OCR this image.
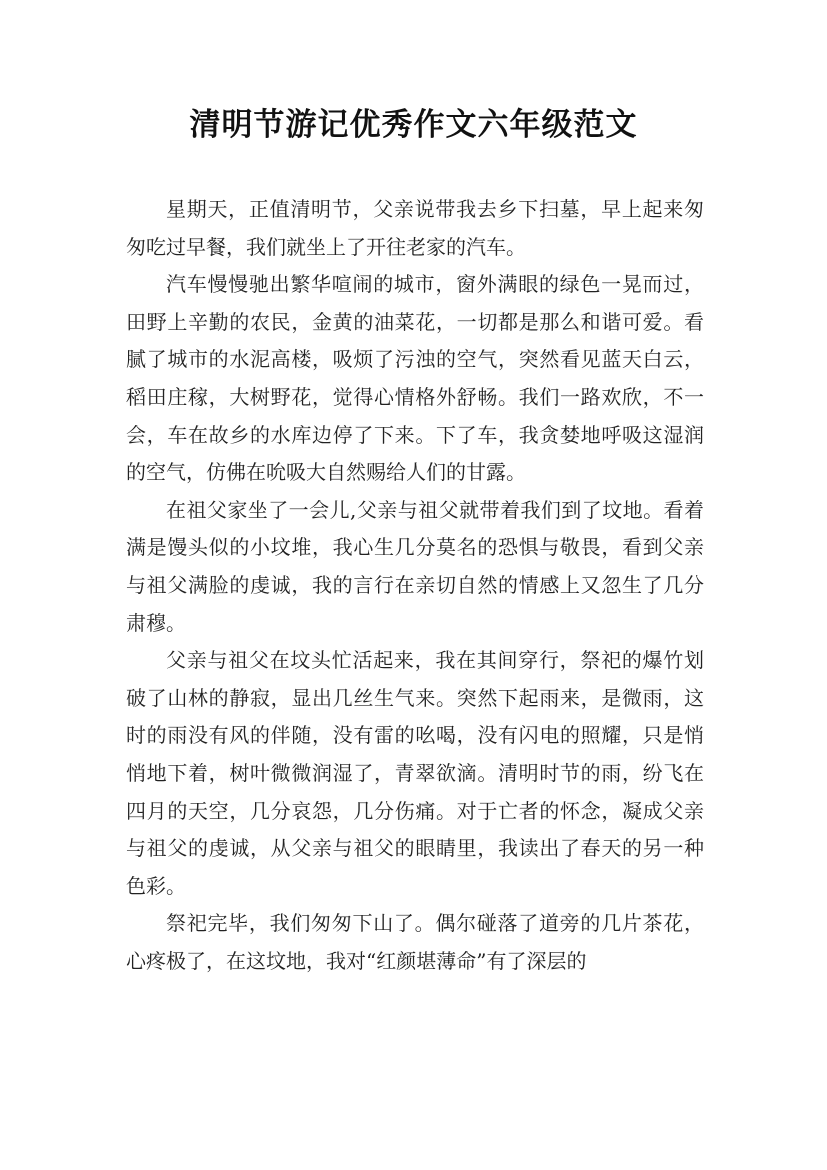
清明节游记优秀作文六年级范文

星期天，正值清明节，父亲说带我去乡下扫墓，早上起来匆匆吃过早餐，我们就坐上了开往老家的汽车。

汽车慢慢驰出繁华喧闹的城市，窗外满眼的绿色一晃而过，田野上辛勤的农民，金黄的油菜花，一切都是那么和谐可爱。看腻了城市的水泥高楼，吸烦了污浊的空气，突然看见蓝天白云，稻田庄稼，大树野花，觉得心情格外舒畅。我们一路欢欣，不一会，车在故乡的水库边停了下来。下了车，我贪婪地呼吸这湿润的空气，仿佛在吮吸大自然赐给人们的甘露。

在祖父家坐了一会儿,父亲与祖父就带着我们到了坟地。看着满是馒头似的小坟堆，我心生几分莫名的恐惧与敬畏，看到父亲与祖父满脸的虔诚，我的言行在亲切自然的情感上又忽生了几分肃穆。

父亲与祖父在坟头忙活起来，我在其间穿行，祭祀的爆竹划破了山林的静寂，显出几丝生气来。突然下起雨来，是微雨，这时的雨没有风的伴随，没有雷的吆喝，没有闪电的照耀，只是悄悄地下着，树叶微微润湿了，青翠欲滴。清明时节的雨，纷飞在四月的天空，几分哀怨，几分伤痛。对于亡者的怀念，凝成父亲与祖父的虔诚，从父亲与祖父的眼睛里，我读出了春天的另一种色彩。

祭祀完毕，我们匆匆下山了。偶尔碰落了道旁的几片茶花，心疼极了，在这坟地，我对“红颜堪薄命”有了深层的
